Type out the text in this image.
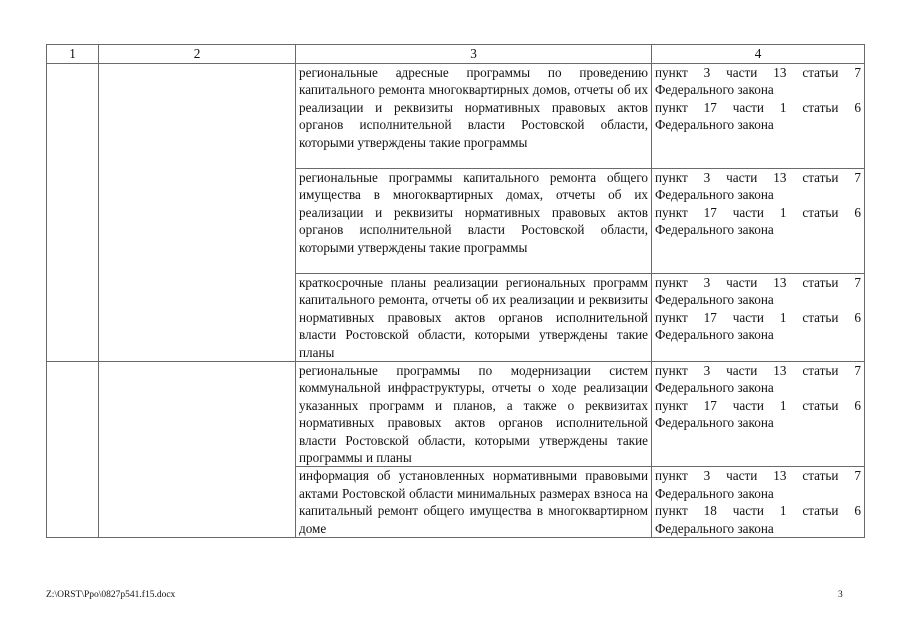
1	2	3	4
		региональные адресные программы по проведению капитального ремонта многоквартирных домов, отчеты об их реализации и реквизиты нормативных правовых актов органов исполнительной власти Ростовской области, которыми утверждены такие программы	пункт 3 части 13 статьи 7 Федерального закона
пункт 17 части 1 статьи 6 Федерального закона

		региональные программы капитального ремонта общего имущества в многоквартирных домах, отчеты об их реализации и реквизиты нормативных правовых актов органов исполнительной власти Ростовской области, которыми утверждены такие программы	пункт 3 части 13 статьи 7 Федерального закона
пункт 17 части 1 статьи 6 Федерального закона

		краткосрочные планы реализации региональных программ капитального ремонта, отчеты об их реализации и реквизиты нормативных правовых актов органов исполнительной власти Ростовской области, которыми утверждены такие планы	пункт 3 части 13 статьи 7 Федерального закона
пункт 17 части 1 статьи 6 Федерального закона

		региональные программы по модернизации систем коммунальной инфраструктуры, отчеты о ходе реализации указанных программ и планов, а также о реквизитах нормативных правовых актов органов исполнительной власти Ростовской области, которыми утверждены такие программы и планы	пункт 3 части 13 статьи 7 Федерального закона
пункт 17 части 1 статьи 6 Федерального закона

		информация об установленных нормативными правовыми актами Ростовской области минимальных размерах взноса на капитальный ремонт общего имущества в многоквартирном доме	пункт 3 части 13 статьи 7 Федерального закона
пункт 18 части 1 статьи 6 Федерального закона
Z:\ORST\Ppo\0827p541.f15.docx	3
